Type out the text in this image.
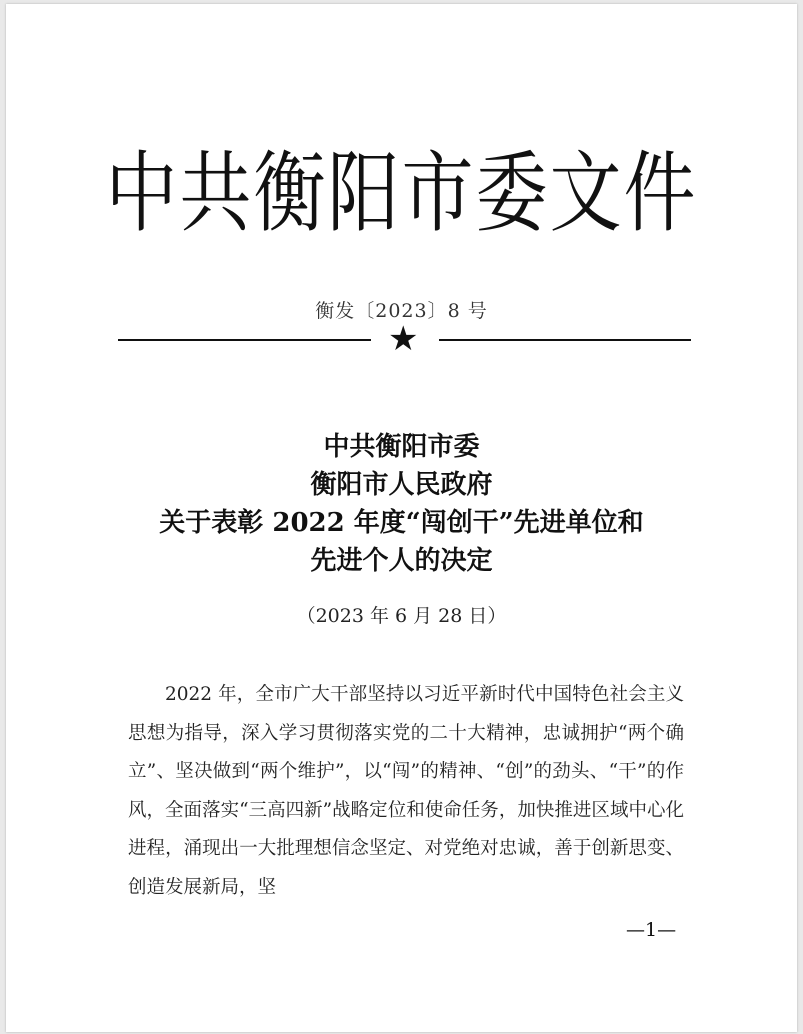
中共衡阳市委文件
衡发〔2023〕8 号
★
中共衡阳市委
衡阳市人民政府
关于表彰 2022 年度“闯创干”先进单位和
先进个人的决定
（2023 年 6 月 28 日）
2022 年，全市广大干部坚持以习近平新时代中国特色社会主义思想为指导，深入学习贯彻落实党的二十大精神，忠诚拥护“两个确立”、坚决做到“两个维护”，以“闯”的精神、“创”的劲头、“干”的作风，全面落实“三高四新”战略定位和使命任务，加快推进区域中心化进程，涌现出一大批理想信念坚定、对党绝对忠诚，善于创新思变、创造发展新局，坚
—1—
